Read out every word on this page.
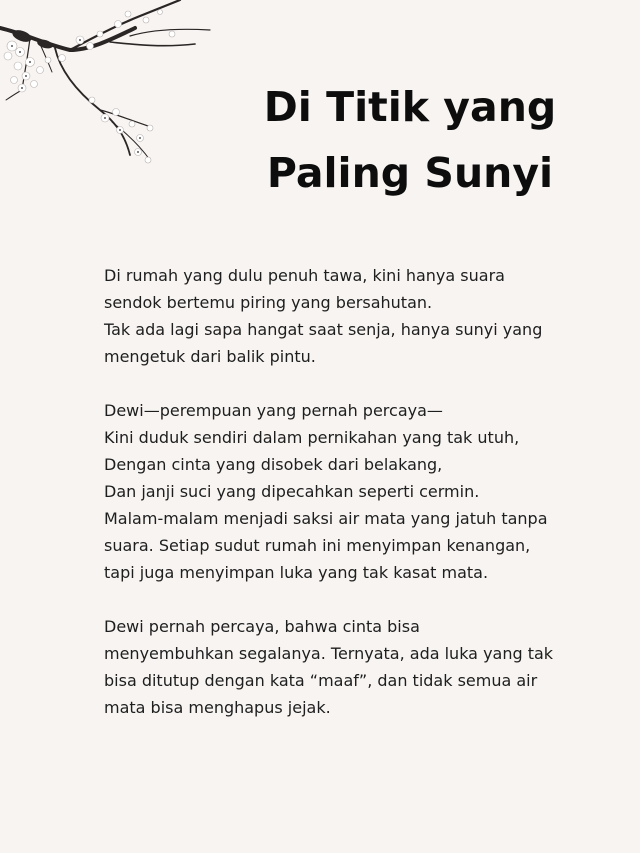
Di Titik yang
Paling Sunyi
Di rumah yang dulu penuh tawa, kini hanya suara
sendok bertemu piring yang bersahutan.
Tak ada lagi sapa hangat saat senja, hanya sunyi yang
mengetuk dari balik pintu.
Dewi—perempuan yang pernah percaya—
Kini duduk sendiri dalam pernikahan yang tak utuh,
Dengan cinta yang disobek dari belakang,
Dan janji suci yang dipecahkan seperti cermin.
Malam-malam menjadi saksi air mata yang jatuh tanpa
suara. Setiap sudut rumah ini menyimpan kenangan,
tapi juga menyimpan luka yang tak kasat mata.
Dewi pernah percaya, bahwa cinta bisa
menyembuhkan segalanya. Ternyata, ada luka yang tak
bisa ditutup dengan kata “maaf”, dan tidak semua air
mata bisa menghapus jejak.
